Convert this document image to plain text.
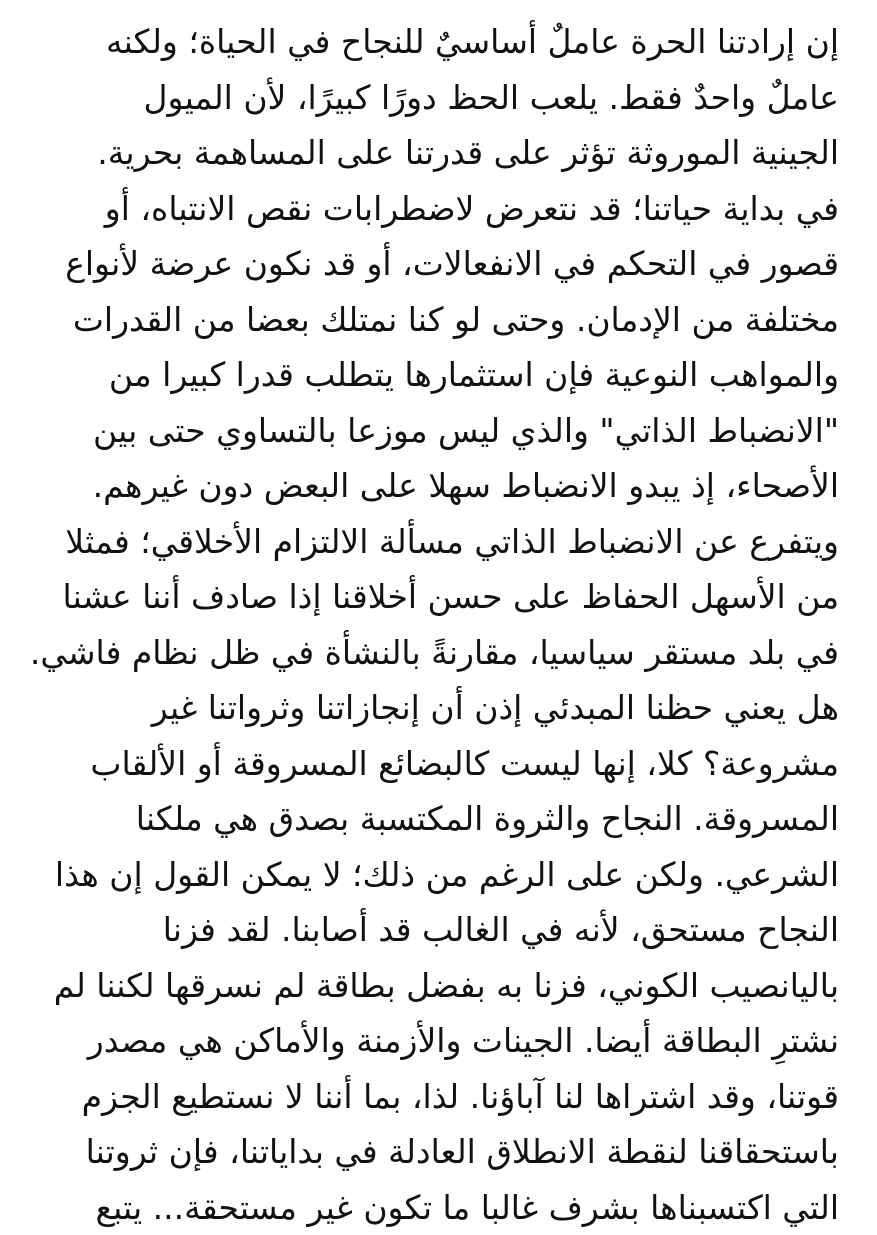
إن إرادتنا الحرة عاملٌ أساسيٌ للنجاح في الحياة؛ ولكنه
عاملٌ واحدٌ فقط. يلعب الحظ دورًا كبيرًا، لأن الميول
الجينية الموروثة تؤثر على قدرتنا على المساهمة بحرية.
في بداية حياتنا؛ قد نتعرض لاضطرابات نقص الانتباه، أو
قصور في التحكم في الانفعالات، أو قد نكون عرضة لأنواع
مختلفة من الإدمان. وحتى لو كنا نمتلك بعضا من القدرات
والمواهب النوعية فإن استثمارها يتطلب قدرا كبيرا من
"الانضباط الذاتي" والذي ليس موزعا بالتساوي حتى بين
الأصحاء، إذ يبدو الانضباط سهلا على البعض دون غيرهم.
ويتفرع عن الانضباط الذاتي مسألة الالتزام الأخلاقي؛ فمثلا
من الأسهل الحفاظ على حسن أخلاقنا إذا صادف أننا عشنا
في بلد مستقر سياسيا، مقارنةً بالنشأة في ظل نظام فاشي.
هل يعني حظنا المبدئي إذن أن إنجازاتنا وثرواتنا غير
مشروعة؟ كلا، إنها ليست كالبضائع المسروقة أو الألقاب
المسروقة. النجاح والثروة المكتسبة بصدق هي ملكنا
الشرعي. ولكن على الرغم من ذلك؛ لا يمكن القول إن هذا
النجاح مستحق، لأنه في الغالب قد أصابنا. لقد فزنا
باليانصيب الكوني، فزنا به بفضل بطاقة لم نسرقها لكننا لم
نشترِ البطاقة أيضا. الجينات والأزمنة والأماكن هي مصدر
قوتنا، وقد اشتراها لنا آباؤنا. لذا، بما أننا لا نستطيع الجزم
باستحقاقنا لنقطة الانطلاق العادلة في بداياتنا، فإن ثروتنا
التي اكتسبناها بشرف غالبا ما تكون غير مستحقة... يتبع
